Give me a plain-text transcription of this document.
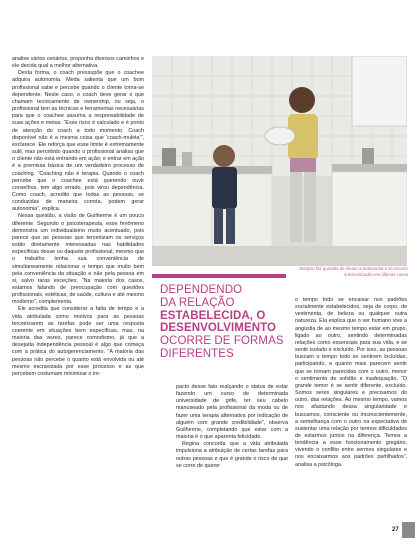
analise vários cenários, proponha diversos caminhos e ele decida qual a melhor alternativa.

Desta forma, o coach pressupõe que o coachee adquira autonomia. Meda salienta que um bom profissional sabe e percebe quando o cliente torna-se dependente. Neste caso, o coach deve gerar o que chamam tecnicamente de ownership, ou seja, o profissional tem as técnicas e ferramentas necessárias para que o coachee assuma a responsabilidade de suas ações e metas. “Esse risco é calculado e é ponto de atenção do coach a todo momento. Coach disponível não é a mesma coisa que ‘coach-muleta’”, esclarece. Ele reforça que esse limite é extremamente sutil, mas percebido quando o profissional analisa que o cliente não está entrando em ação; e entrar em ação é a premissa básica de um verdadeiro processo de coaching. “Coaching não é terapia. Quando o coach percebe que o coachee está querendo ouvir conselhos, tem algo errado, pois virou dependência. Como coach, acredito que todas as pessoas, se conduzidas de maneira correta, podem gerar autonomia”, explica.

Nessa questão, a visão de Guilherme é um pouco diferente. Segundo o psicoterapeuta, esse fenômeno demonstra um individualismo muito acentuado, pois parece que as pessoas que terceirizam os serviços estão diretamente interessadas nas habilidades específicas desse ou daquele profissional, mesmo que o trabalho tenha sua conveniência de simultaneamente relacionar o tempo que muito bem pela conveniência da situação e não pela pessoa em si, salvo raras exceções. “Na maioria dos casos, estamos falando de preocupação com questões profissionais, estéticas, de saúde, cultura e até mesmo modismo”, complementa.

Ele acredita que considerar a falta de tempo e a vida atribulada como motivos para as pessoas terceirizarem as tarefas pode ser uma resposta coerente em situações bem específicas, mas, na maioria das vezes, parece comodismo, já que a desejada independência pessoal é algo que começa com a prática do autogerenciamento. “A maioria das pessoas não percebe o quanto está envolvida ou até mesmo escravizada por esse processo e as que percebem costumam minimizar o im-

Sempre faz questão de mexer a autonomia e só recorre à terceirização em últimos casos
DEPENDENDO
DA RELAÇÃO
ESTABELECIDA, O
DESENVOLVIMENTO
OCORRE DE FORMAS
DIFERENTES

pacto desse fato realçando o status de estar fazendo um curso de determinada universidade de grife, ter seu cabelo manuseado pela profissional da moda ou de fazer uma terapia alternativa por indicação de alguém com grande credibilidade”, observa Guilherme, completando que estar com a maioria é o que aparenta felicidade.

Regina concorda que a vida atribulada impulsiona a atribuição de certas tarefas para outras pessoas e que é grande o risco de que se corre de querer

o tempo todo se encaixar nos padrões socialmente estabelecidos, seja de corpo, de vestimenta, de beleza ou qualquer outra natureza. Ela explica que o ser humano vive a angústia de ao mesmo tempo estar em grupo, ligado ao outro, sentindo determinadas relações como essenciais para sua vida, e se sentir isolado e excluído. Por isso, as pessoas buscam o tempo todo se sentirem incluídas, participando, e quanto mais parecem sentir que se tornam parecidas com o outro, menor o sentimento de solidão e inadequação. “O grande temor é se sentir diferente, excluído. Somos seres singulares e precisamos do outro, das relações. Ao mesmo tempo, vamos nos afastando dessa singularidade e buscamos, consciente ou inconscientemente, a semelhança com o outro na expectativa de sustentar uma relação por termos dificuldades de estarmos juntos na diferença. Temos a tendência a esse funcionamento gregário, vivendo o conflito entre sermos singulares e nos encaixarmos aos padrões partilhados”, analisa a psicóloga.

27
